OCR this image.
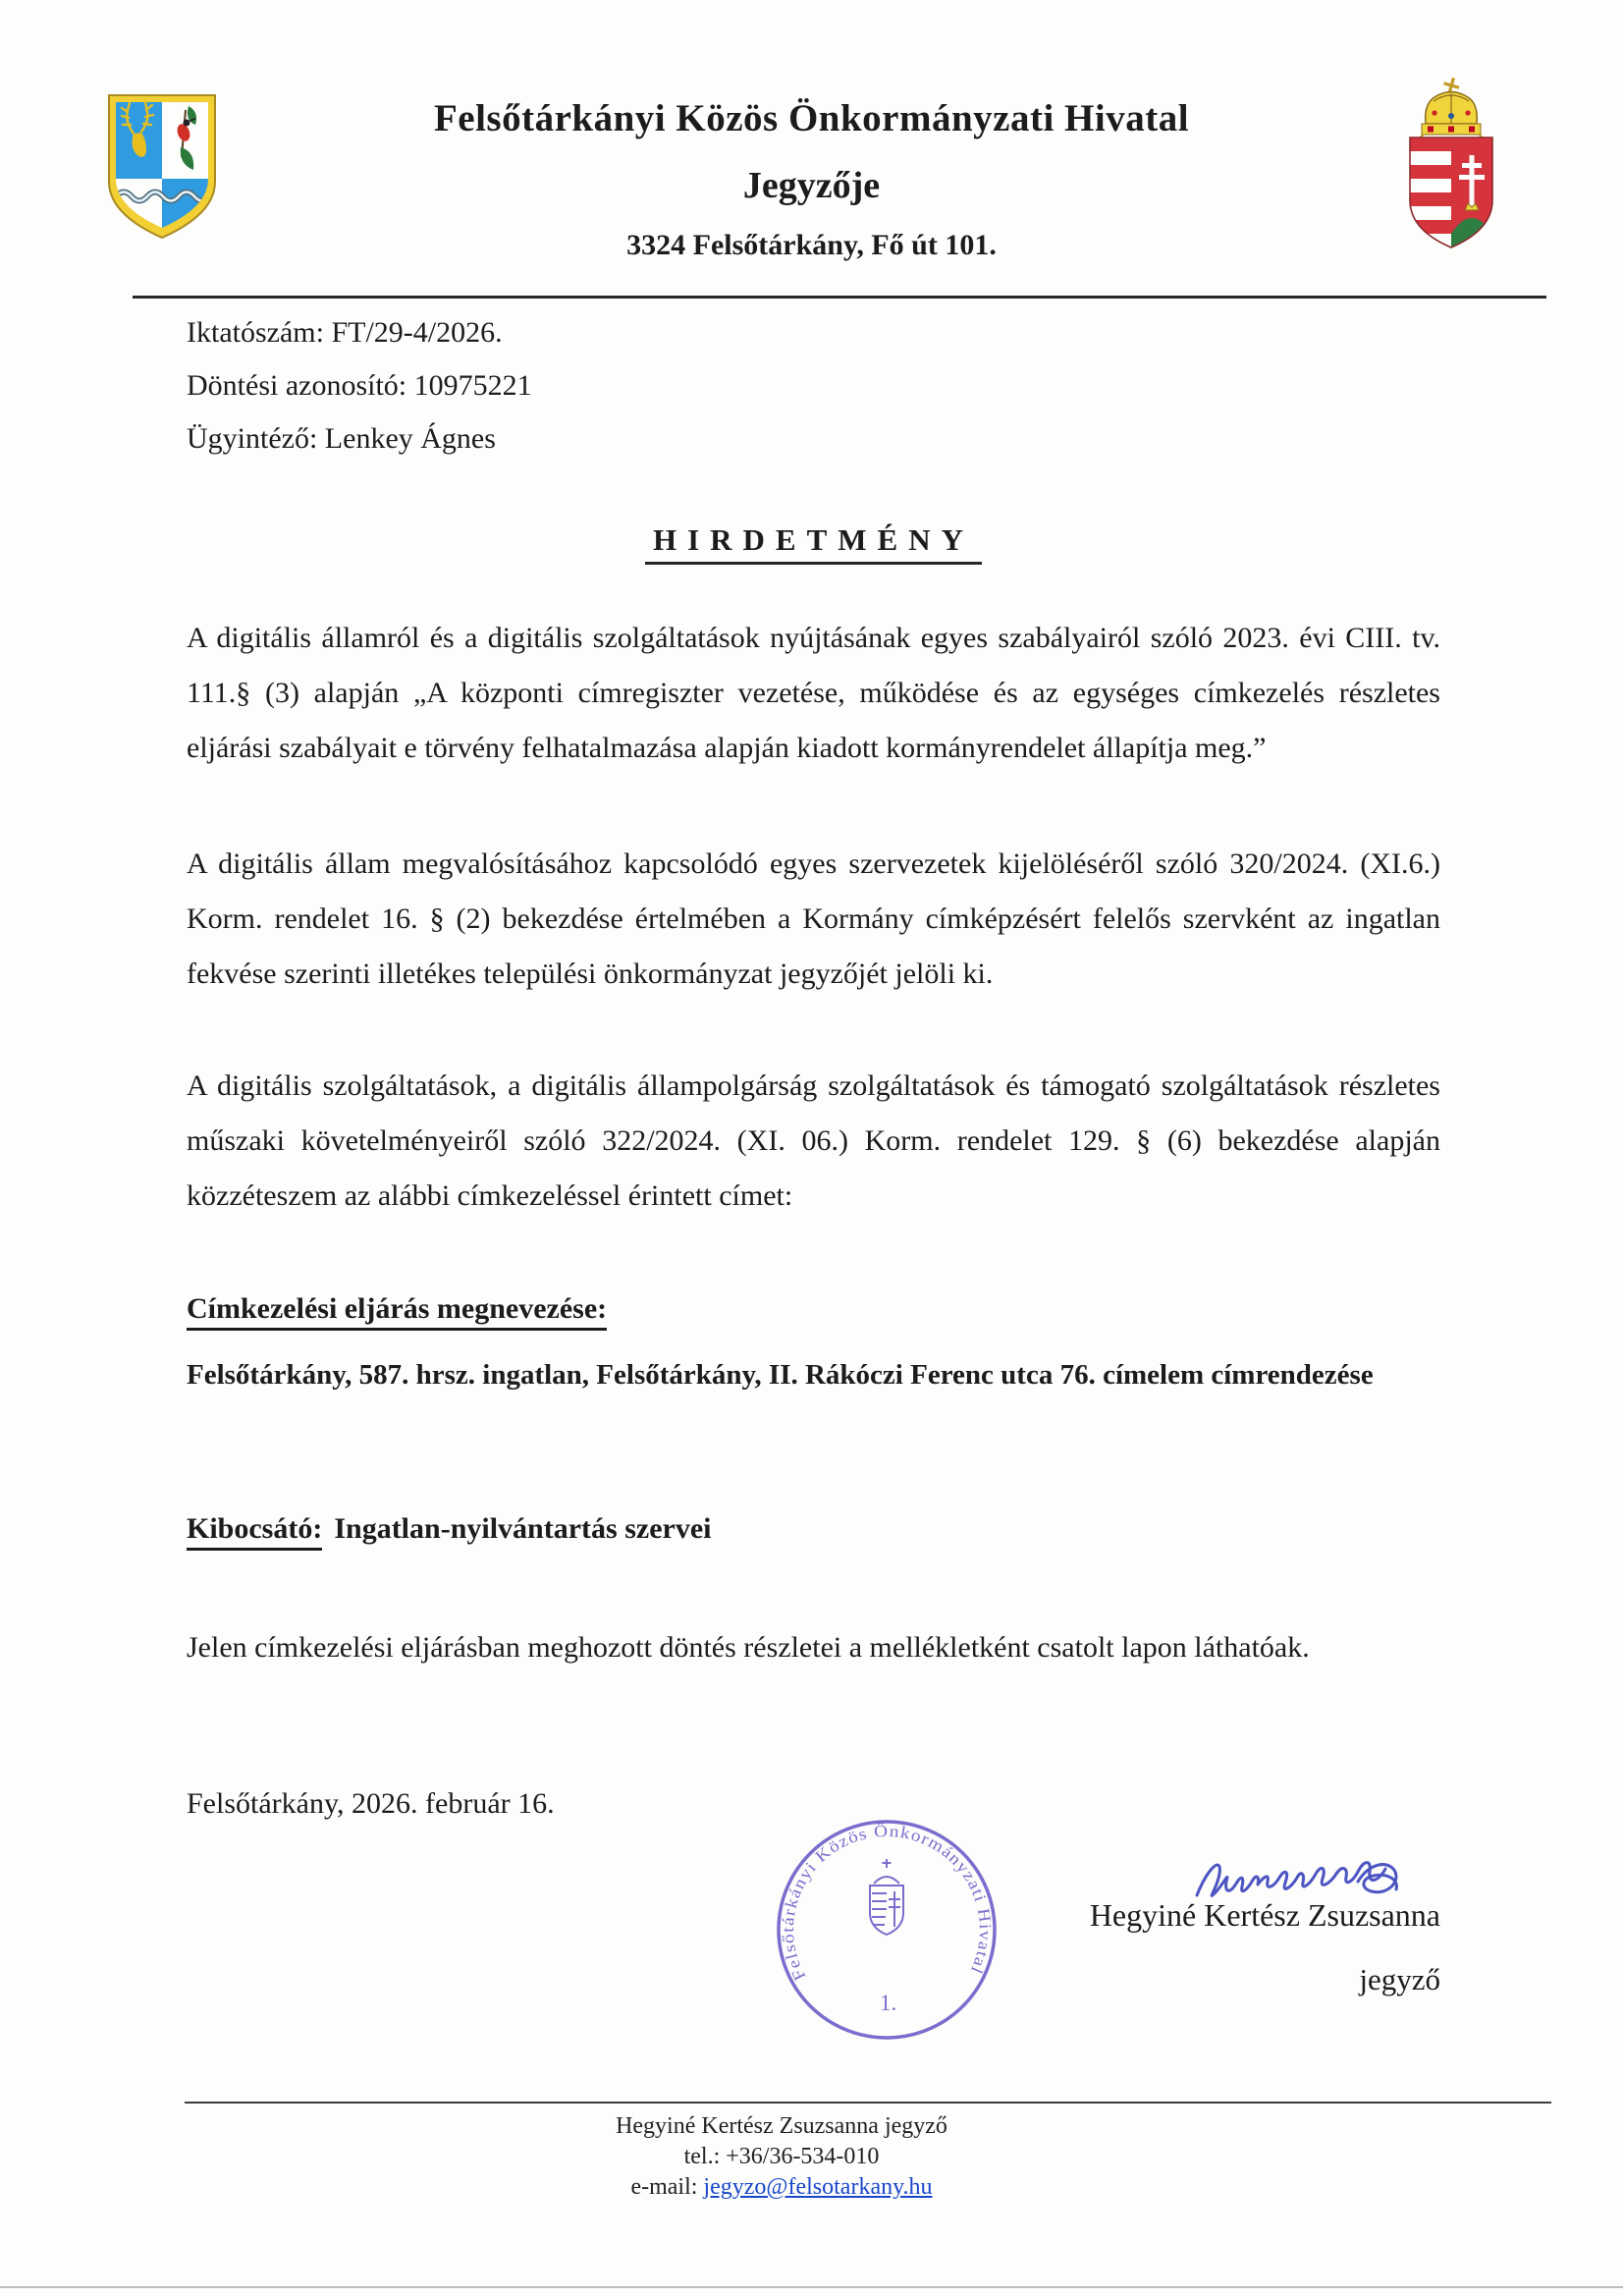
Felsőtárkányi Közös Önkormányzati Hivatal
Jegyzője
3324 Felsőtárkány, Fő út 101.
Iktatószám: FT/29-4/2026.
Döntési azonosító: 10975221
Ügyintéző: Lenkey Ágnes
HIRDETMÉNY
A digitális államról és a digitális szolgáltatások nyújtásának egyes szabályairól szóló 2023. évi CIII. tv. 111.§ (3) alapján „A központi címregiszter vezetése, működése és az egységes címkezelés részletes eljárási szabályait e törvény felhatalmazása alapján kiadott kormányrendelet állapítja meg.”
A digitális állam megvalósításához kapcsolódó egyes szervezetek kijelöléséről szóló 320/2024. (XI.6.) Korm. rendelet 16. § (2) bekezdése értelmében a Kormány címképzésért felelős szervként az ingatlan fekvése szerinti illetékes települési önkormányzat jegyzőjét jelöli ki.
A digitális szolgáltatások, a digitális állampolgárság szolgáltatások és támogató szolgáltatások részletes műszaki követelményeiről szóló 322/2024. (XI. 06.) Korm. rendelet 129. § (6) bekezdése alapján közzéteszem az alábbi címkezeléssel érintett címet:
Címkezelési eljárás megnevezése:
Felsőtárkány, 587. hrsz. ingatlan, Felsőtárkány, II. Rákóczi Ferenc utca 76. címelem címrendezése
Kibocsátó: Ingatlan-nyilvántartás szervei
Jelen címkezelési eljárásban meghozott döntés részletei a mellékletként csatolt lapon láthatóak.
Felsőtárkány, 2026. február 16.
Felsőtárkányi Közös Önkormányzati Hivatal
1.
Hegyiné Kertész Zsuzsanna
jegyző
Hegyiné Kertész Zsuzsanna jegyző
tel.: +36/36-534-010
e-mail: jegyzo@felsotarkany.hu
